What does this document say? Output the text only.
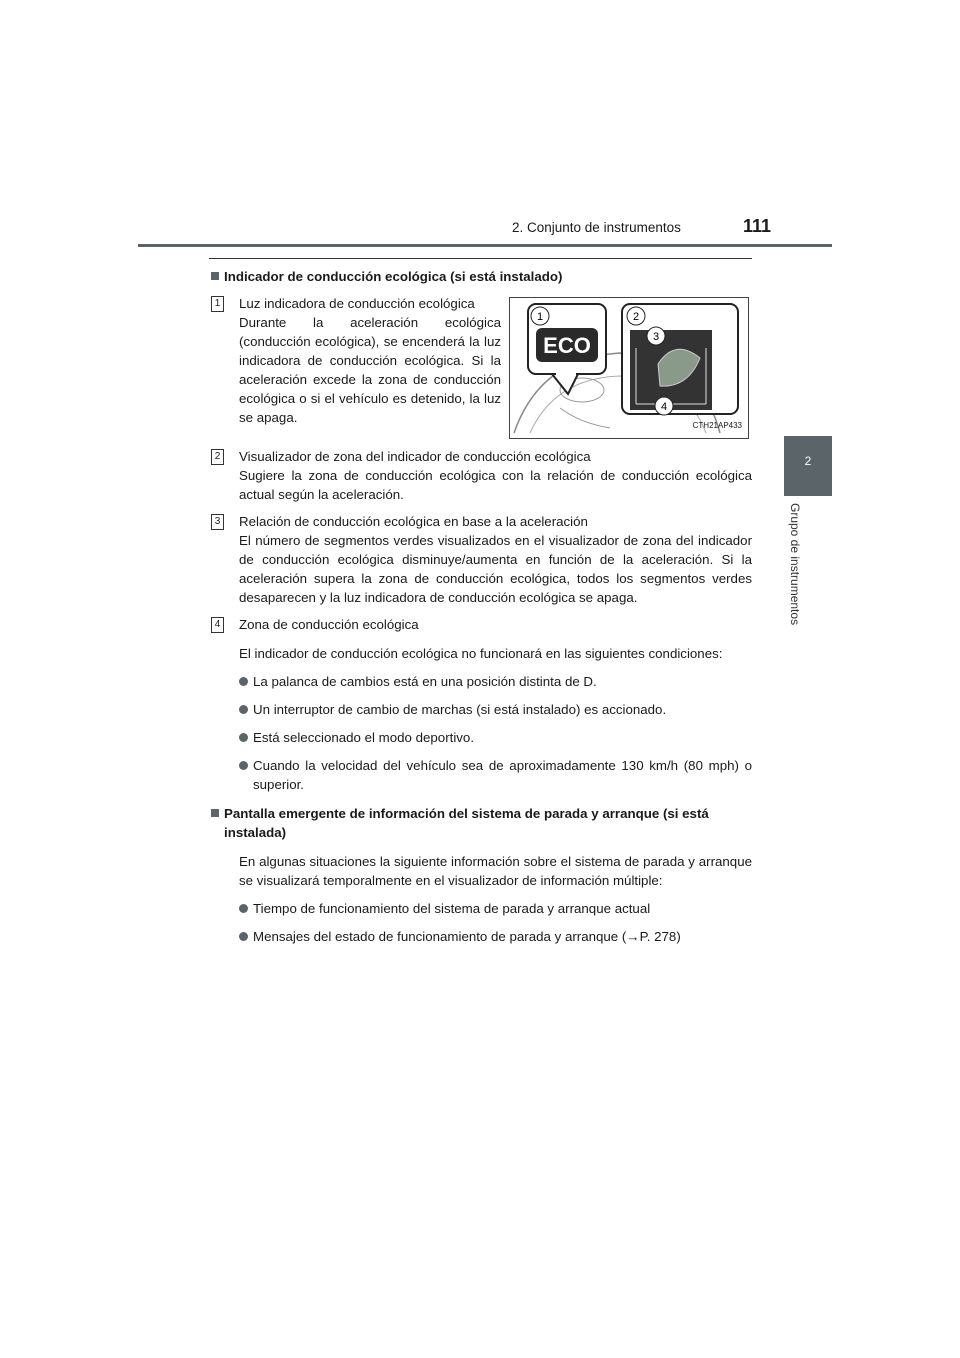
2. Conjunto de instrumentos	111
2
Grupo de instrumentos
Indicador de conducción ecológica (si está instalado)
1 Luz indicadora de conducción ecológica
Durante la aceleración ecológica (conducción ecológica), se encenderá la luz indicadora de conducción ecológica. Si la aceleración excede la zona de conducción ecológica o si el vehículo es detenido, la luz se apaga.
ECO
1	2
3
4
CTH21AP433
2 Visualizador de zona del indicador de conducción ecológica
Sugiere la zona de conducción ecológica con la relación de conducción ecológica actual según la aceleración.
3 Relación de conducción ecológica en base a la aceleración
El número de segmentos verdes visualizados en el visualizador de zona del indicador de conducción ecológica disminuye/aumenta en función de la aceleración. Si la aceleración supera la zona de conducción ecológica, todos los segmentos verdes desaparecen y la luz indicadora de conducción ecológica se apaga.
4 Zona de conducción ecológica
El indicador de conducción ecológica no funcionará en las siguientes condiciones:
La palanca de cambios está en una posición distinta de D.
Un interruptor de cambio de marchas (si está instalado) es accionado.
Está seleccionado el modo deportivo.
Cuando la velocidad del vehículo sea de aproximadamente 130 km/h (80 mph) o superior.
Pantalla emergente de información del sistema de parada y arranque (si está instalada)
En algunas situaciones la siguiente información sobre el sistema de parada y arranque se visualizará temporalmente en el visualizador de información múltiple:
Tiempo de funcionamiento del sistema de parada y arranque actual
Mensajes del estado de funcionamiento de parada y arranque (→P. 278)
